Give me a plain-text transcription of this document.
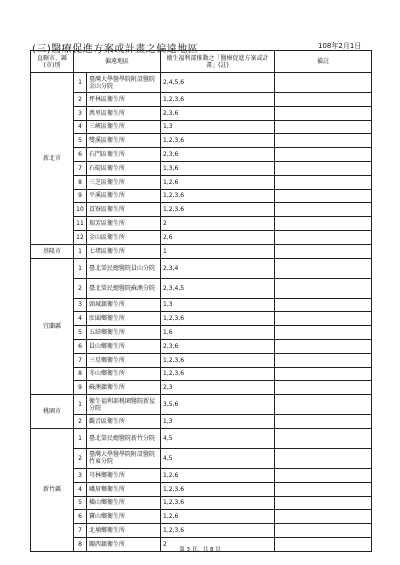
(三)醫療促進方案或計畫之偏遠地區	108年2月1日
直轄市、縣(市)別	偏遠地區		衛生福利部推動之「醫療促進方案或計畫」(註)	備註
新北市	1	臺灣大學醫學院附設醫院金山分院	2,4,5,6	
	2	坪林區衛生所	1,2,3,6	
	3	萬里區衛生所	2,3,6	
	4	三峽區衛生所	1,3	
	5	雙溪區衛生所	1,2,3,6	
	6	石門區衛生所	2,3,6	
	7	石碇區衛生所	1,3,6	
	8	三芝區衛生所	1,2,6	
	9	平溪區衛生所	1,2,3,6	
	10	貢寮區衛生所	1,2,3,6	
	11	瑞芳區衛生所	2	
	12	金山區衛生所	2,6	
基隆市	1	七堵區衛生所	1	
宜蘭縣	1	臺北榮民總醫院員山分院	2,3,4	
	2	臺北榮民總醫院蘇澳分院	2,3,4,5	
	3	頭城鎮衛生所	1,3	
	4	壯圍鄉衛生所	1,2,3,6	
	5	五結鄉衛生所	1,6	
	6	員山鄉衛生所	2,3,6	
	7	三星鄉衛生所	1,2,3,6	
	8	冬山鄉衛生所	1,2,3,6	
	9	蘇澳鎮衛生所	2,3	
桃園市	1	衛生福利部桃園醫院新屋分院	3,5,6	
	2	觀音區衛生所	1,3	
新竹縣	1	臺北榮民總醫院新竹分院	4,5	
	2	臺灣大學醫學院附設醫院竹東分院	4,5	
	3	芎林鄉衛生所	1,2,6	
	4	峨眉鄉衛生所	1,2,3,6	
	5	橫山鄉衛生所	1,2,3,6	
	6	寶山鄉衛生所	1,2,6	
	7	北埔鄉衛生所	1,2,3,6	
	8	關西鎮衛生所	2	
第 3 頁，共 8 頁
